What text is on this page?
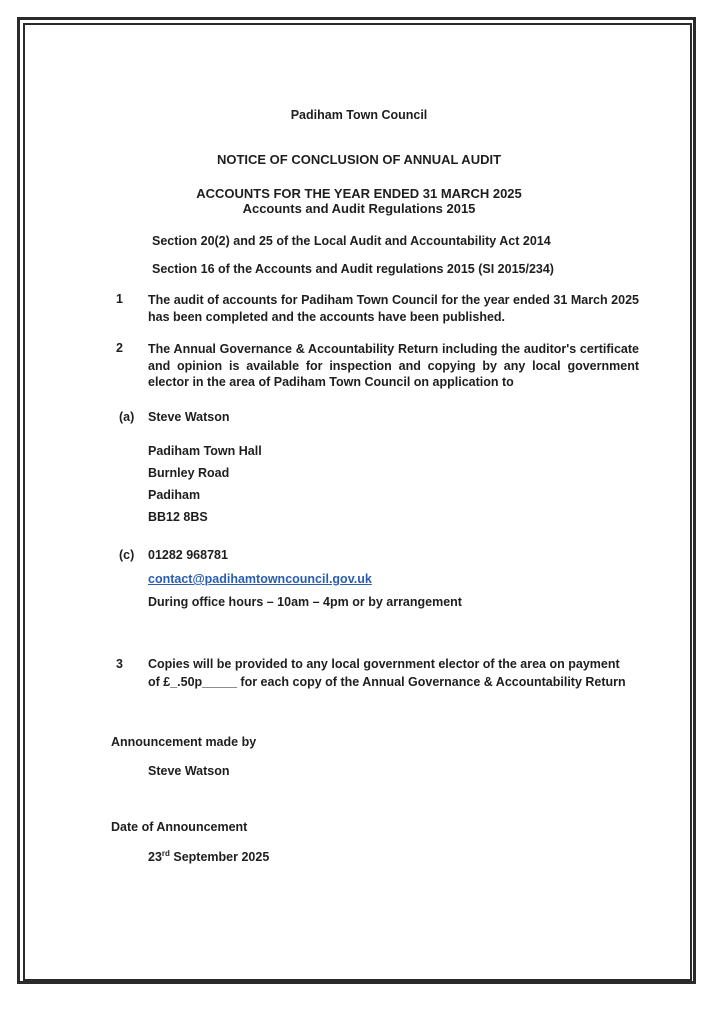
Padiham Town Council
NOTICE OF CONCLUSION OF ANNUAL AUDIT
ACCOUNTS FOR THE YEAR ENDED 31 MARCH 2025
Accounts and Audit Regulations 2015
Section 20(2) and 25 of the Local Audit and Accountability Act 2014
Section 16 of the Accounts and Audit regulations 2015 (SI 2015/234)
1 The audit of accounts for Padiham Town Council for the year ended 31 March 2025 has been completed and the accounts have been published.
2 The Annual Governance & Accountability Return including the auditor's certificate and opinion is available for inspection and copying by any local government elector in the area of Padiham Town Council on application to
(a) Steve Watson
Padiham Town Hall
Burnley Road
Padiham
BB12 8BS
(c) 01282 968781
contact@padihamtowncouncil.gov.uk
During office hours – 10am – 4pm or by arrangement
3 Copies will be provided to any local government elector of the area on payment
of £_.50p_____ for each copy of the Annual Governance & Accountability Return
Announcement made by
Steve Watson
Date of Announcement
23rd September 2025
